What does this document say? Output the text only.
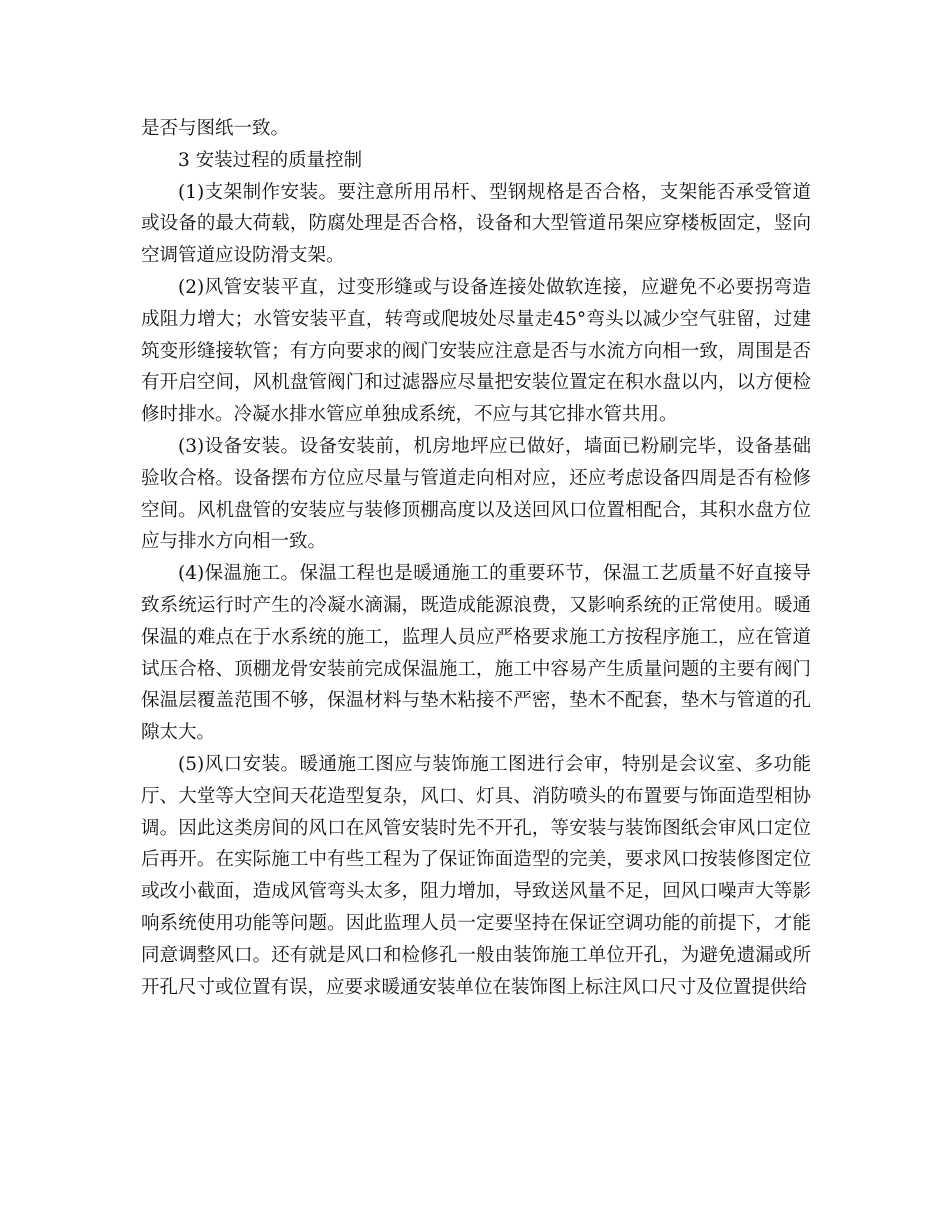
是否与图纸一致。

3 安装过程的质量控制

(1)支架制作安装。要注意所用吊杆、型钢规格是否合格，支架能否承受管道或设备的最大荷载，防腐处理是否合格，设备和大型管道吊架应穿楼板固定，竖向空调管道应设防滑支架。

(2)风管安装平直，过变形缝或与设备连接处做软连接，应避免不必要拐弯造成阻力增大；水管安装平直，转弯或爬坡处尽量走45°弯头以减少空气驻留，过建筑变形缝接软管；有方向要求的阀门安装应注意是否与水流方向相一致，周围是否有开启空间，风机盘管阀门和过滤器应尽量把安装位置定在积水盘以内，以方便检修时排水。冷凝水排水管应单独成系统，不应与其它排水管共用。

(3)设备安装。设备安装前，机房地坪应已做好，墙面已粉刷完毕，设备基础验收合格。设备摆布方位应尽量与管道走向相对应，还应考虑设备四周是否有检修空间。风机盘管的安装应与装修顶棚高度以及送回风口位置相配合，其积水盘方位应与排水方向相一致。

(4)保温施工。保温工程也是暖通施工的重要环节，保温工艺质量不好直接导致系统运行时产生的冷凝水滴漏，既造成能源浪费，又影响系统的正常使用。暖通保温的难点在于水系统的施工，监理人员应严格要求施工方按程序施工，应在管道试压合格、顶棚龙骨安装前完成保温施工，施工中容易产生质量问题的主要有阀门保温层覆盖范围不够，保温材料与垫木粘接不严密，垫木不配套，垫木与管道的孔隙太大。

(5)风口安装。暖通施工图应与装饰施工图进行会审，特别是会议室、多功能厅、大堂等大空间天花造型复杂，风口、灯具、消防喷头的布置要与饰面造型相协调。因此这类房间的风口在风管安装时先不开孔，等安装与装饰图纸会审风口定位后再开。在实际施工中有些工程为了保证饰面造型的完美，要求风口按装修图定位或改小截面，造成风管弯头太多，阻力增加，导致送风量不足，回风口噪声大等影响系统使用功能等问题。因此监理人员一定要坚持在保证空调功能的前提下，才能同意调整风口。还有就是风口和检修孔一般由装饰施工单位开孔，为避免遗漏或所开孔尺寸或位置有误，应要求暖通安装单位在装饰图上标注风口尺寸及位置提供给
